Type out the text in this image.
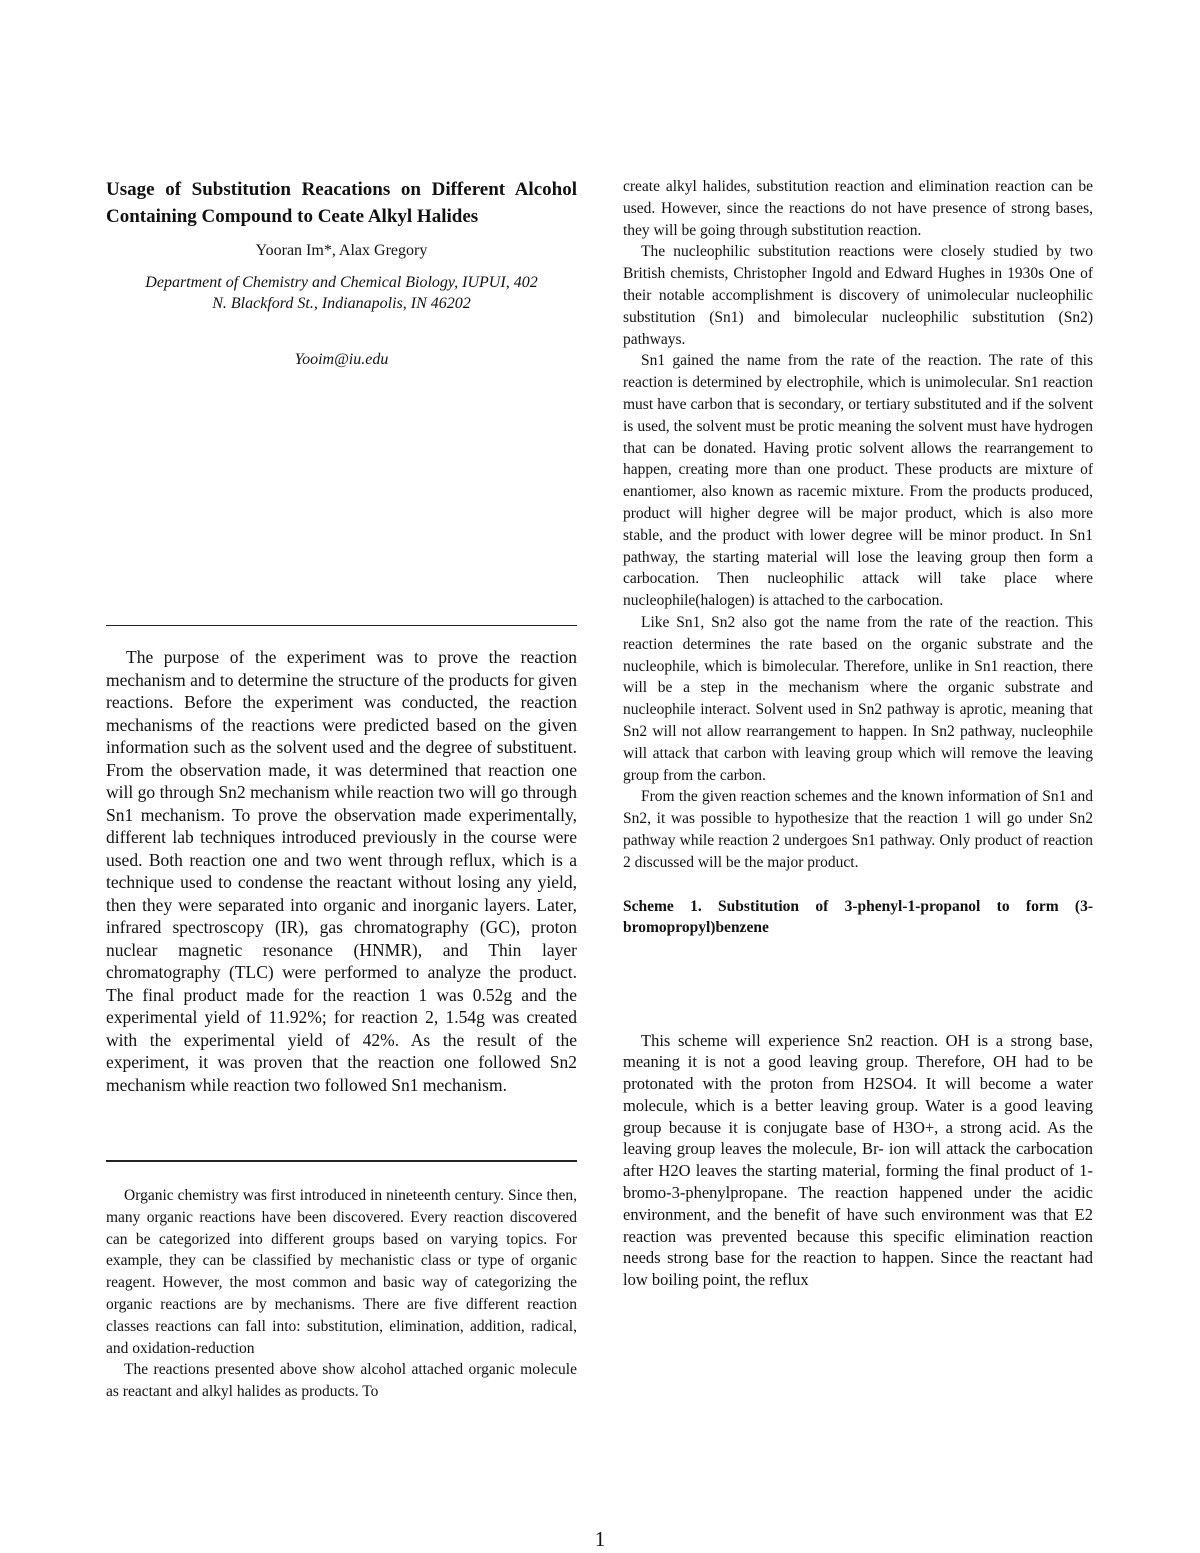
Usage of Substitution Reacations on Different Alcohol Containing Compound to Ceate Alkyl Halides
Yooran Im*, Alax Gregory
Department of Chemistry and Chemical Biology, IUPUI, 402
N. Blackford St., Indianapolis, IN 46202
Yooim@iu.edu

The purpose of the experiment was to prove the reaction mechanism and to determine the structure of the products for given reactions. Before the experiment was conducted, the reaction mechanisms of the reactions were predicted based on the given information such as the solvent used and the degree of substituent. From the observation made, it was determined that reaction one will go through Sn2 mechanism while reaction two will go through Sn1 mechanism. To prove the observation made experimentally, different lab techniques introduced previously in the course were used. Both reaction one and two went through reflux, which is a technique used to condense the reactant without losing any yield, then they were separated into organic and inorganic layers. Later, infrared spectroscopy (IR), gas chromatography (GC), proton nuclear magnetic resonance (HNMR), and Thin layer chromatography (TLC) were performed to analyze the product. The final product made for the reaction 1 was 0.52g and the experimental yield of 11.92%; for reaction 2, 1.54g was created with the experimental yield of 42%. As the result of the experiment, it was proven that the reaction one followed Sn2 mechanism while reaction two followed Sn1 mechanism.

Organic chemistry was first introduced in nineteenth century. Since then, many organic reactions have been discovered. Every reaction discovered can be categorized into different groups based on varying topics. For example, they can be classified by mechanistic class or type of organic reagent. However, the most common and basic way of categorizing the organic reactions are by mechanisms. There are five different reaction classes reactions can fall into: substitution, elimination, addition, radical, and oxidation-reduction

The reactions presented above show alcohol attached organic molecule as reactant and alkyl halides as products. To

create alkyl halides, substitution reaction and elimination reaction can be used. However, since the reactions do not have presence of strong bases, they will be going through substitution reaction.

The nucleophilic substitution reactions were closely studied by two British chemists, Christopher Ingold and Edward Hughes in 1930s One of their notable accomplishment is discovery of unimolecular nucleophilic substitution (Sn1) and bimolecular nucleophilic substitution (Sn2) pathways.

Sn1 gained the name from the rate of the reaction. The rate of this reaction is determined by electrophile, which is unimolecular. Sn1 reaction must have carbon that is secondary, or tertiary substituted and if the solvent is used, the solvent must be protic meaning the solvent must have hydrogen that can be donated. Having protic solvent allows the rearrangement to happen, creating more than one product. These products are mixture of enantiomer, also known as racemic mixture. From the products produced, product will higher degree will be major product, which is also more stable, and the product with lower degree will be minor product. In Sn1 pathway, the starting material will lose the leaving group then form a carbocation. Then nucleophilic attack will take place where nucleophile(halogen) is attached to the carbocation.

Like Sn1, Sn2 also got the name from the rate of the reaction. This reaction determines the rate based on the organic substrate and the nucleophile, which is bimolecular. Therefore, unlike in Sn1 reaction, there will be a step in the mechanism where the organic substrate and nucleophile interact. Solvent used in Sn2 pathway is aprotic, meaning that Sn2 will not allow rearrangement to happen. In Sn2 pathway, nucleophile will attack that carbon with leaving group which will remove the leaving group from the carbon.

From the given reaction schemes and the known information of Sn1 and Sn2, it was possible to hypothesize that the reaction 1 will go under Sn2 pathway while reaction 2 undergoes Sn1 pathway. Only product of reaction 2 discussed will be the major product.

Scheme 1. Substitution of 3-phenyl-1-propanol to form (3-bromopropyl)benzene

This scheme will experience Sn2 reaction. OH is a strong base, meaning it is not a good leaving group. Therefore, OH had to be protonated with the proton from H2SO4. It will become a water molecule, which is a better leaving group. Water is a good leaving group because it is conjugate base of H3O+, a strong acid. As the leaving group leaves the molecule, Br- ion will attack the carbocation after H2O leaves the starting material, forming the final product of 1-bromo-3-phenylpropane. The reaction happened under the acidic environment, and the benefit of have such environment was that E2 reaction was prevented because this specific elimination reaction needs strong base for the reaction to happen. Since the reactant had low boiling point, the reflux

1
